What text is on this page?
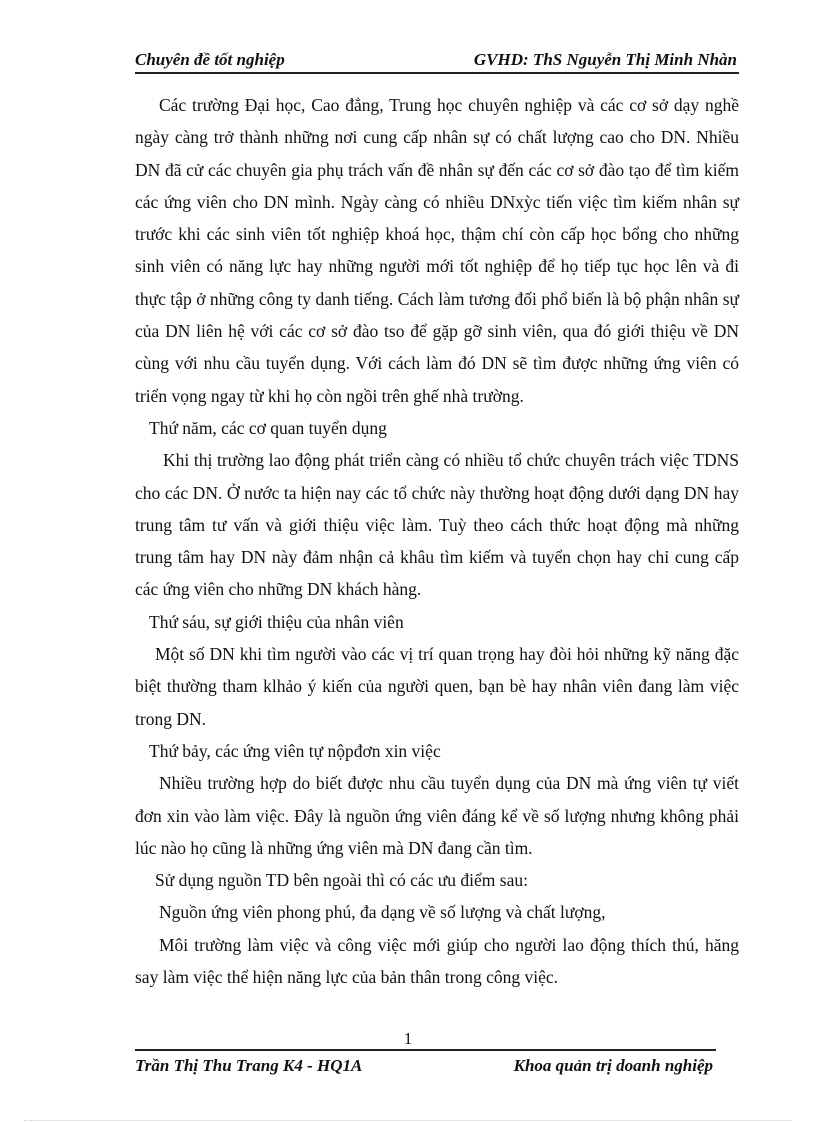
Chuyên đề tốt nghiệp	GVHD: ThS Nguyễn Thị Minh Nhàn

Các trường Đại học, Cao đẳng, Trung học chuyên nghiệp và các cơ sở dạy nghề ngày càng trở thành những nơi cung cấp nhân sự có chất lượng cao cho DN. Nhiều DN đã cử các chuyên gia phụ trách vấn đề nhân sự đến các cơ sở đào tạo để tìm kiếm các ứng viên cho DN mình. Ngày càng có nhiều DNxỳc tiến việc tìm kiếm nhân sự trước khi các sinh viên tốt nghiệp khoá học, thậm chí còn cấp học bổng cho những sinh viên có năng lực hay những người mới tốt nghiệp để họ tiếp tục học lên và đi thực tập ở những công ty danh tiếng. Cách làm tương đối phổ biến là bộ phận nhân sự của DN liên hệ với các cơ sở đào tso để gặp gỡ sinh viên, qua đó giới thiệu về DN cùng với nhu cầu tuyển dụng. Với cách làm đó DN sẽ tìm được những ứng viên có triển vọng ngay từ khi họ còn ngồi trên ghế nhà trường.

Thứ năm, các cơ quan tuyển dụng

Khi thị trường lao động phát triển càng có nhiều tổ chức chuyên trách việc TDNS cho các DN. Ở nước ta hiện nay các tổ chức này thường hoạt động dưới dạng DN hay trung tâm tư vấn và giới thiệu việc làm. Tuỳ theo cách thức hoạt động mà những trung tâm hay DN này đảm nhận cả khâu tìm kiếm và tuyển chọn hay chỉ cung cấp các ứng viên cho những DN khách hàng.

Thứ sáu, sự giới thiệu của nhân viên

Một số DN khi tìm người vào các vị trí quan trọng hay đòi hỏi những kỹ năng đặc biệt thường tham klhảo ý kiến của người quen, bạn bè hay nhân viên đang làm việc trong DN.

Thứ bảy, các ứng viên tự nộpđơn xin việc

Nhiều trường hợp do biết được nhu cầu tuyển dụng của DN mà ứng viên tự viết đơn xin vào làm việc. Đây là nguồn ứng viên đáng kể về số lượng nhưng không phải lúc nào họ cũng là những ứng viên mà DN đang cần tìm.

Sử dụng nguồn TD bên ngoài thì có các ưu điểm sau:

Nguồn ứng viên phong phú, đa dạng về số lượng và chất lượng,

Môi trường làm việc và công việc mới giúp cho người lao động thích thú, hăng say làm việc thể hiện năng lực của bản thân trong công việc.

1
Trần Thị Thu Trang K4 - HQ1A	Khoa quản trị doanh nghiệp
